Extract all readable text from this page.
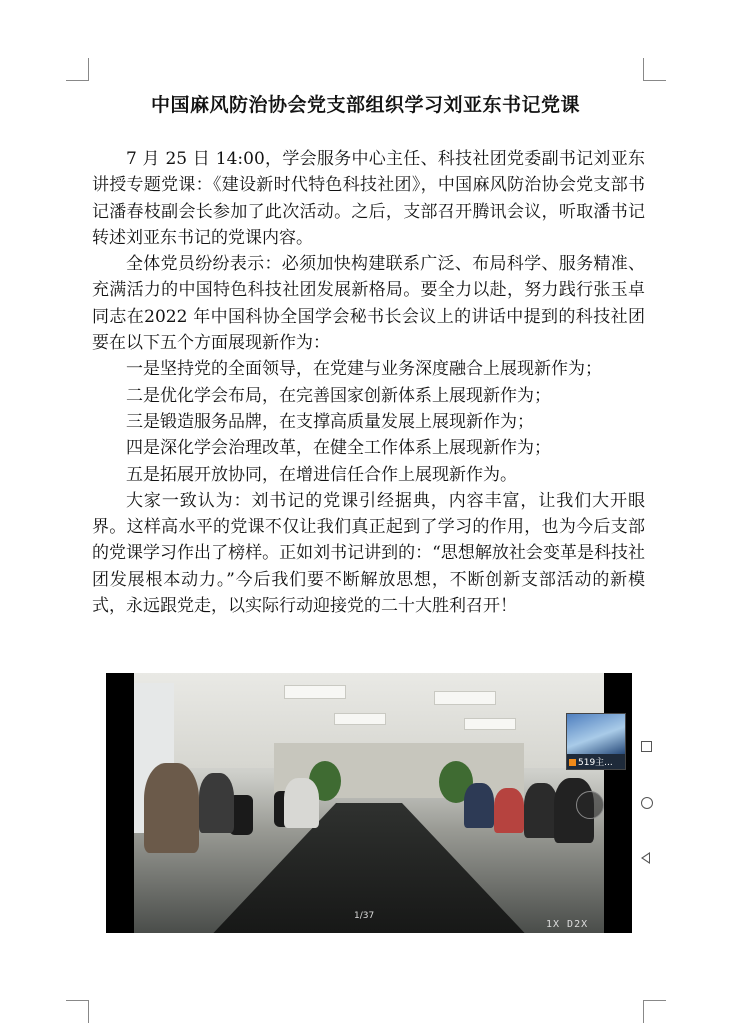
中国麻风防治协会党支部组织学习刘亚东书记党课

7 月 25 日 14:00，学会服务中心主任、科技社团党委副书记刘亚东讲授专题党课：《建设新时代特色科技社团》，中国麻风防治协会党支部书记潘春枝副会长参加了此次活动。之后，支部召开腾讯会议，听取潘书记转述刘亚东书记的党课内容。

全体党员纷纷表示：必须加快构建联系广泛、布局科学、服务精准、充满活力的中国特色科技社团发展新格局。要全力以赴，努力践行张玉卓同志在2022 年中国科协全国学会秘书长会议上的讲话中提到的科技社团要在以下五个方面展现新作为：

一是坚持党的全面领导，在党建与业务深度融合上展现新作为；

二是优化学会布局，在完善国家创新体系上展现新作为；

三是锻造服务品牌，在支撑高质量发展上展现新作为；

四是深化学会治理改革，在健全工作体系上展现新作为；

五是拓展开放协同，在增进信任合作上展现新作为。

大家一致认为：刘书记的党课引经据典，内容丰富，让我们大开眼界。这样高水平的党课不仅让我们真正起到了学习的作用，也为今后支部的党课学习作出了榜样。正如刘书记讲到的：“思想解放社会变革是科技社团发展根本动力。”今后我们要不断解放思想，不断创新支部活动的新模式，永远跟党走，以实际行动迎接党的二十大胜利召开！

519主...
1/37
1X D2X
